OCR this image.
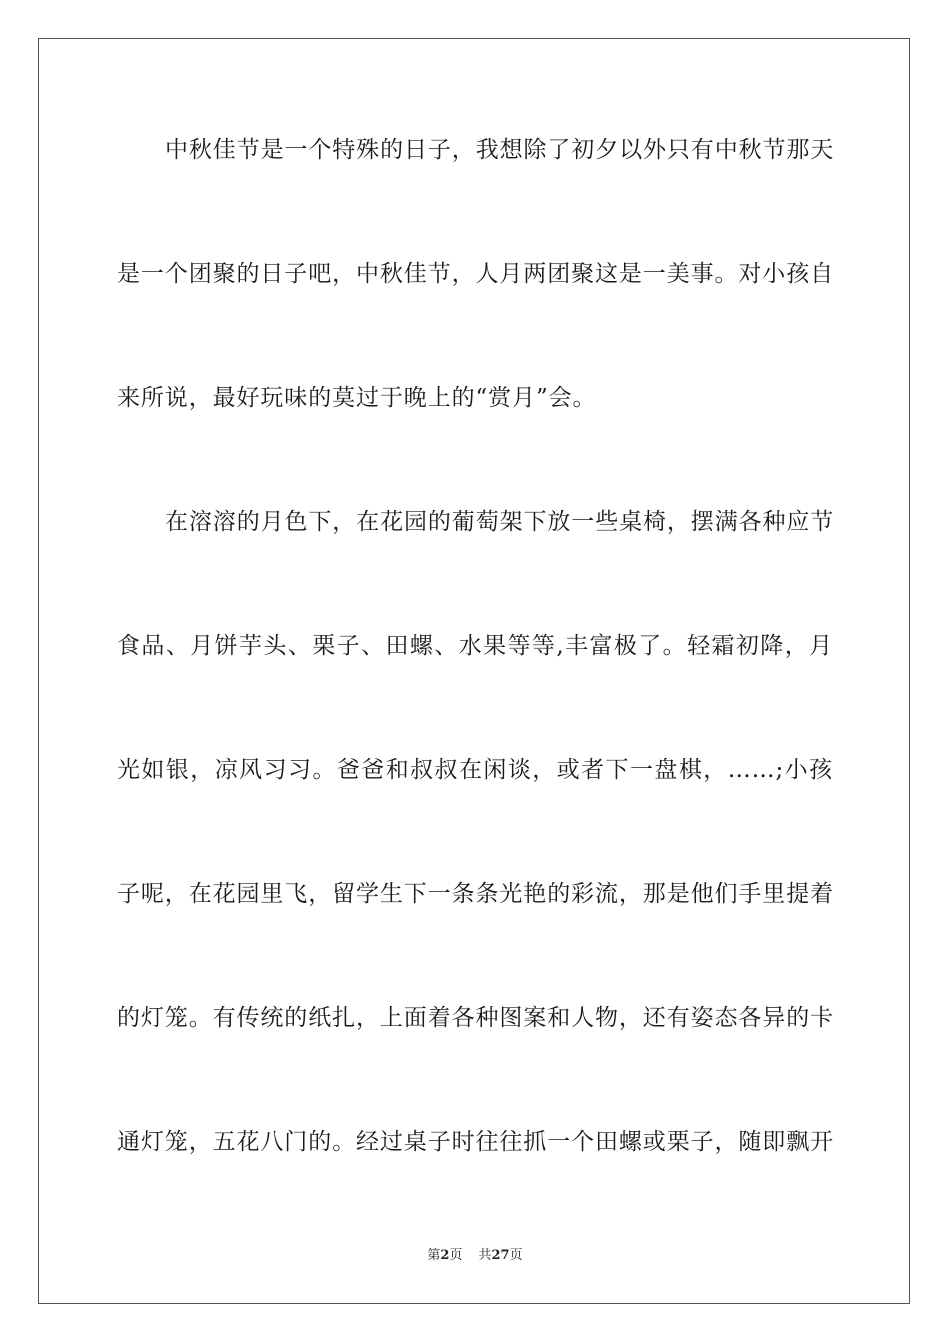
中秋佳节是一个特殊的日子，我想除了初夕以外只有中秋节那天
是一个团聚的日子吧，中秋佳节，人月两团聚这是一美事。对小孩自
来所说，最好玩味的莫过于晚上的“赏月”会。
在溶溶的月色下，在花园的葡萄架下放一些桌椅，摆满各种应节
食品、月饼芋头、栗子、田螺、水果等等,丰富极了。轻霜初降，月
光如银，凉风习习。爸爸和叔叔在闲谈，或者下一盘棋，……;小孩
子呢，在花园里飞，留学生下一条条光艳的彩流，那是他们手里提着
的灯笼。有传统的纸扎，上面着各种图案和人物，还有姿态各异的卡
通灯笼，五花八门的。经过桌子时往往抓一个田螺或栗子，随即飘开
第2页 共27页
